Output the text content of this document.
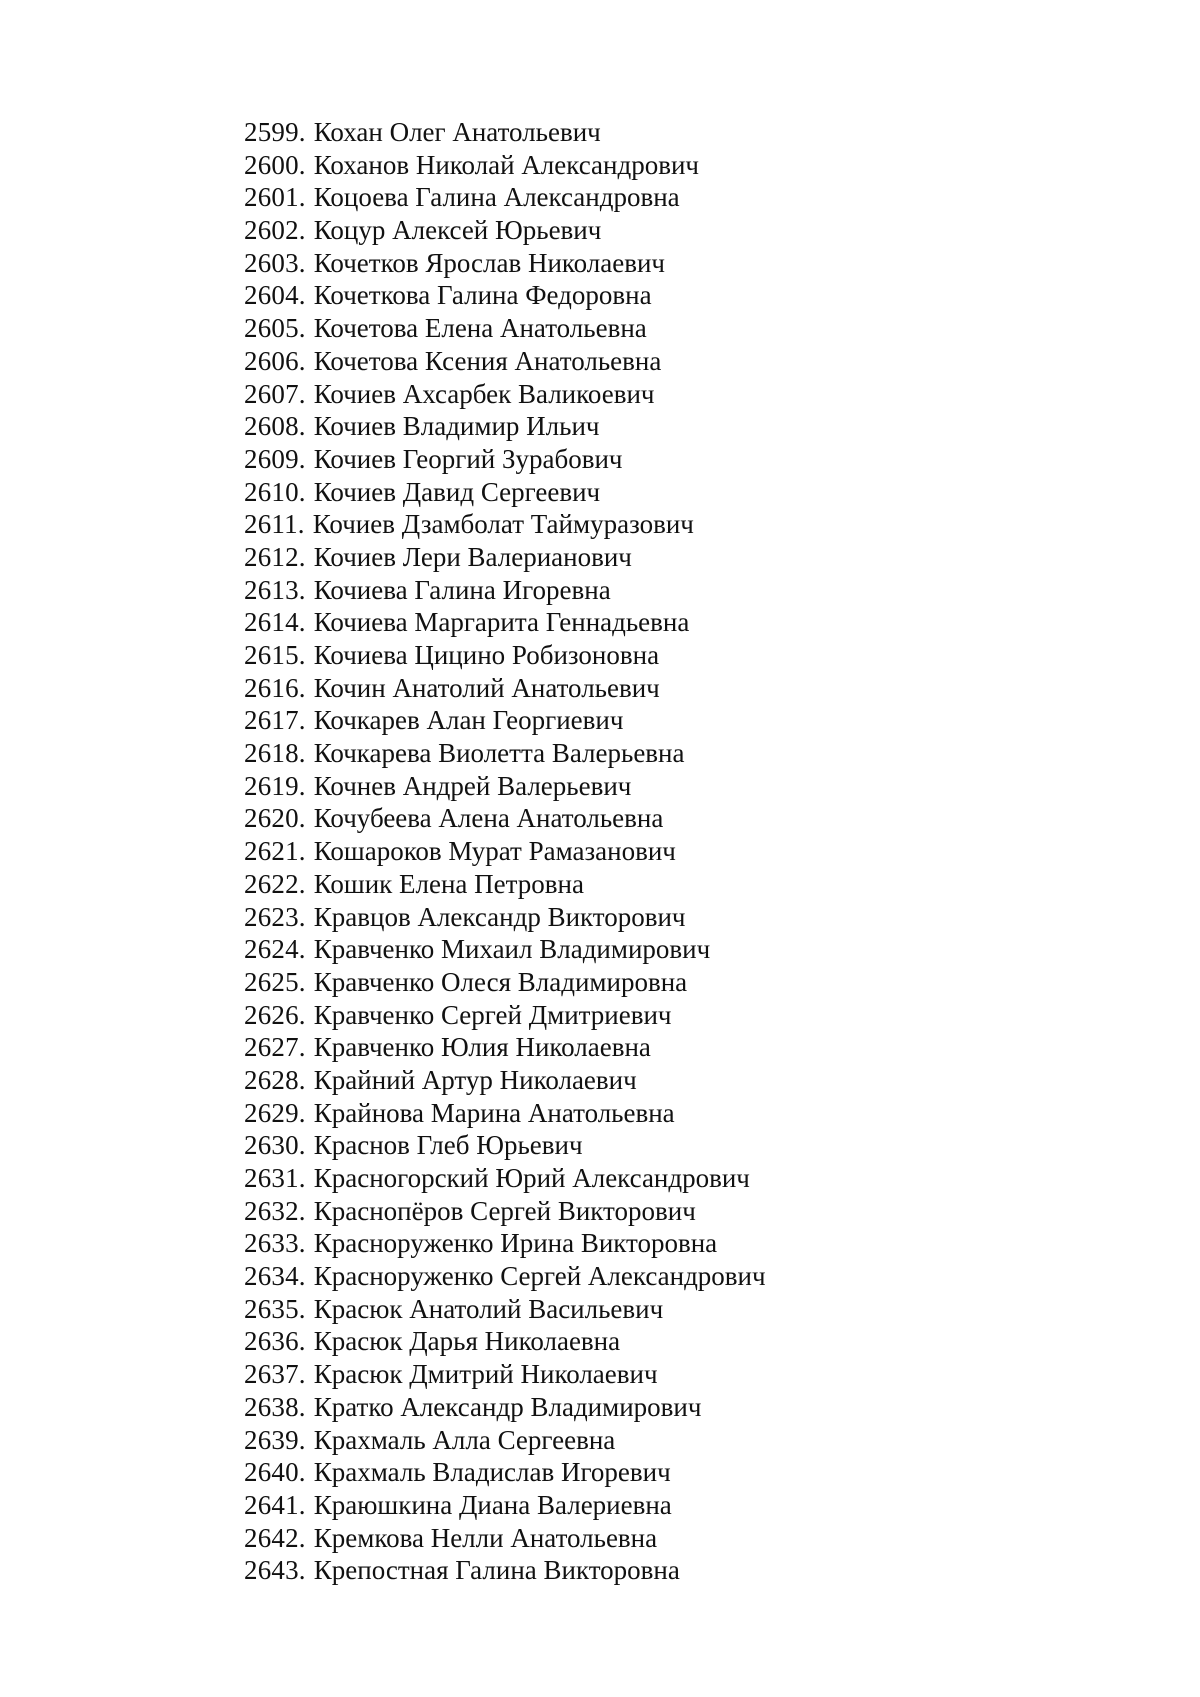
2599. Кохан Олег Анатольевич
2600. Коханов Николай Александрович
2601. Коцоева Галина Александровна
2602. Коцур Алексей Юрьевич
2603. Кочетков Ярослав Николаевич
2604. Кочеткова Галина Федоровна
2605. Кочетова Елена Анатольевна
2606. Кочетова Ксения Анатольевна
2607. Кочиев Ахсарбек Валикоевич
2608. Кочиев Владимир Ильич
2609. Кочиев Георгий Зурабович
2610. Кочиев Давид Сергеевич
2611. Кочиев Дзамболат Таймуразович
2612. Кочиев Лери Валерианович
2613. Кочиева Галина Игоревна
2614. Кочиева Маргарита Геннадьевна
2615. Кочиева Цицино Робизоновна
2616. Кочин Анатолий Анатольевич
2617. Кочкарев Алан Георгиевич
2618. Кочкарева Виолетта Валерьевна
2619. Кочнев Андрей Валерьевич
2620. Кочубеева Алена Анатольевна
2621. Кошароков Мурат Рамазанович
2622. Кошик Елена Петровна
2623. Кравцов Александр Викторович
2624. Кравченко Михаил Владимирович
2625. Кравченко Олеся Владимировна
2626. Кравченко Сергей Дмитриевич
2627. Кравченко Юлия Николаевна
2628. Крайний Артур Николаевич
2629. Крайнова Марина Анатольевна
2630. Краснов Глеб Юрьевич
2631. Красногорский Юрий Александрович
2632. Краснопёров Сергей Викторович
2633. Красноруженко Ирина Викторовна
2634. Красноруженко Сергей Александрович
2635. Красюк Анатолий Васильевич
2636. Красюк Дарья Николаевна
2637. Красюк Дмитрий Николаевич
2638. Кратко Александр Владимирович
2639. Крахмаль Алла Сергеевна
2640. Крахмаль Владислав Игоревич
2641. Краюшкина Диана Валериевна
2642. Кремкова Нелли Анатольевна
2643. Крепостная Галина Викторовна
